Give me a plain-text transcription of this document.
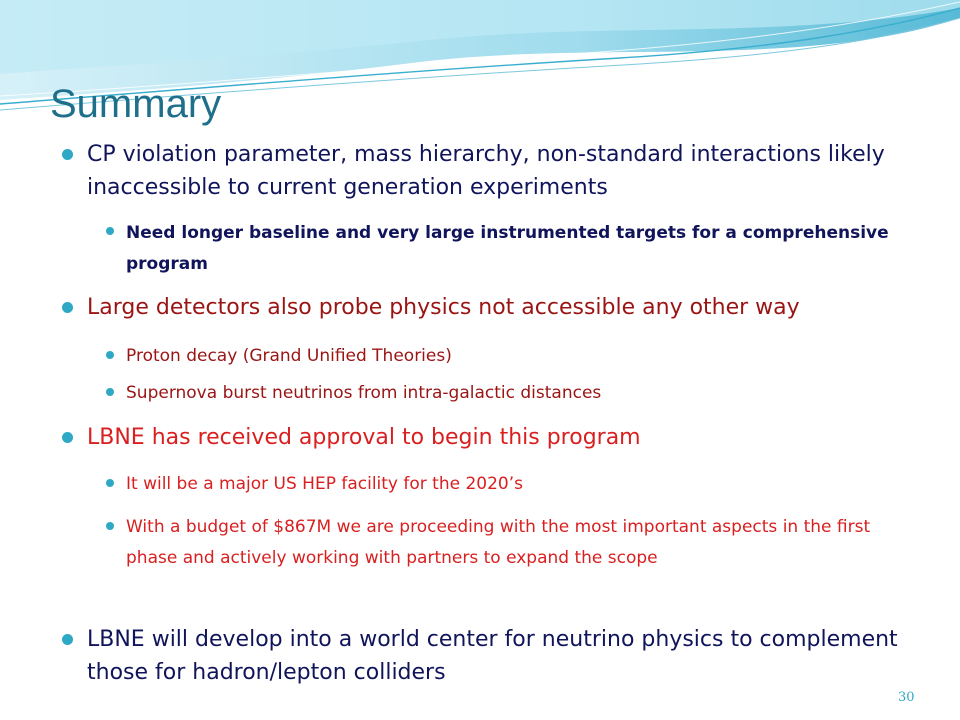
Summary
CP violation parameter, mass hierarchy, non-standard interactions likely inaccessible to current generation experiments
Need longer baseline and very large instrumented targets for a comprehensive program
Large detectors also probe physics not accessible any other way
Proton decay (Grand Unified Theories)
Supernova burst neutrinos from intra-galactic distances
LBNE has received approval to begin this program
It will be a major US HEP facility for the 2020’s
With a budget of $867M we are proceeding with the most important aspects in the first phase and actively working with partners to expand the scope
LBNE will develop into a world center for neutrino physics to complement those for hadron/lepton colliders
30
